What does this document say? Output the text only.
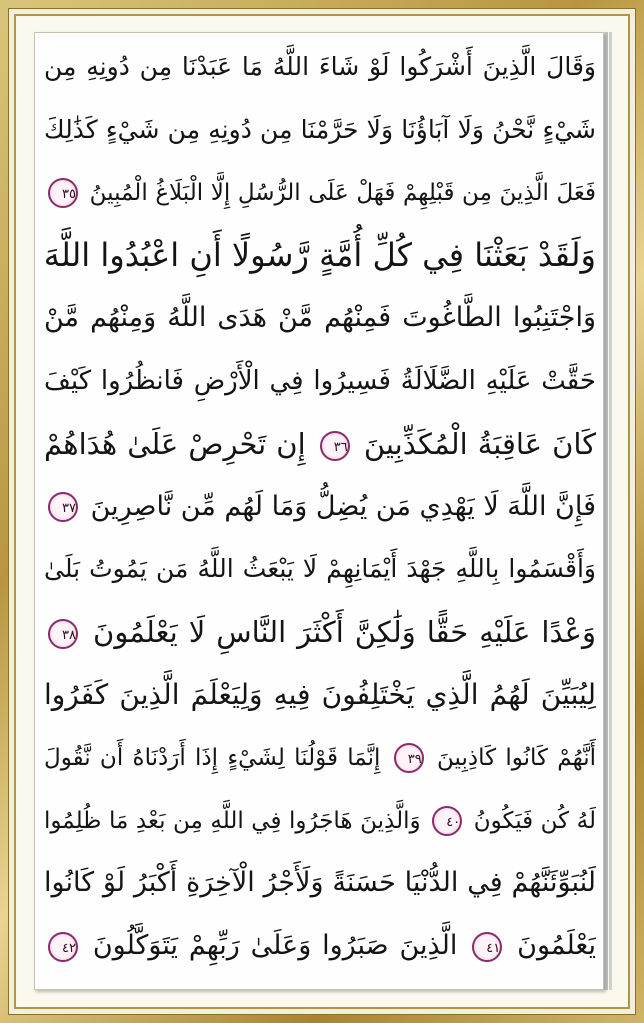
وَقَالَ الَّذِينَ أَشْرَكُوا لَوْ شَاءَ اللَّهُ مَا عَبَدْنَا مِن دُونِهِ مِن
شَيْءٍ نَّحْنُ وَلَا آبَاؤُنَا وَلَا حَرَّمْنَا مِن دُونِهِ مِن شَيْءٍ كَذَٰلِكَ
فَعَلَ الَّذِينَ مِن قَبْلِهِمْ فَهَلْ عَلَى الرُّسُلِ إِلَّا الْبَلَاغُ الْمُبِينُ ٣٥
وَلَقَدْ بَعَثْنَا فِي كُلِّ أُمَّةٍ رَّسُولًا أَنِ اعْبُدُوا اللَّهَ
وَاجْتَنِبُوا الطَّاغُوتَ فَمِنْهُم مَّنْ هَدَى اللَّهُ وَمِنْهُم مَّنْ
حَقَّتْ عَلَيْهِ الضَّلَالَةُ فَسِيرُوا فِي الْأَرْضِ فَانظُرُوا كَيْفَ
كَانَ عَاقِبَةُ الْمُكَذِّبِينَ ٣٦ إِن تَحْرِصْ عَلَىٰ هُدَاهُمْ
فَإِنَّ اللَّهَ لَا يَهْدِي مَن يُضِلُّ وَمَا لَهُم مِّن نَّاصِرِينَ ٣٧
وَأَقْسَمُوا بِاللَّهِ جَهْدَ أَيْمَانِهِمْ لَا يَبْعَثُ اللَّهُ مَن يَمُوتُ بَلَىٰ
وَعْدًا عَلَيْهِ حَقًّا وَلَٰكِنَّ أَكْثَرَ النَّاسِ لَا يَعْلَمُونَ ٣٨
لِيُبَيِّنَ لَهُمُ الَّذِي يَخْتَلِفُونَ فِيهِ وَلِيَعْلَمَ الَّذِينَ كَفَرُوا
أَنَّهُمْ كَانُوا كَاذِبِينَ ٣٩ إِنَّمَا قَوْلُنَا لِشَيْءٍ إِذَا أَرَدْنَاهُ أَن نَّقُولَ
لَهُ كُن فَيَكُونُ ٤٠ وَالَّذِينَ هَاجَرُوا فِي اللَّهِ مِن بَعْدِ مَا ظُلِمُوا
لَنُبَوِّئَنَّهُمْ فِي الدُّنْيَا حَسَنَةً وَلَأَجْرُ الْآخِرَةِ أَكْبَرُ لَوْ كَانُوا
يَعْلَمُونَ ٤١ الَّذِينَ صَبَرُوا وَعَلَىٰ رَبِّهِمْ يَتَوَكَّلُونَ ٤٢
